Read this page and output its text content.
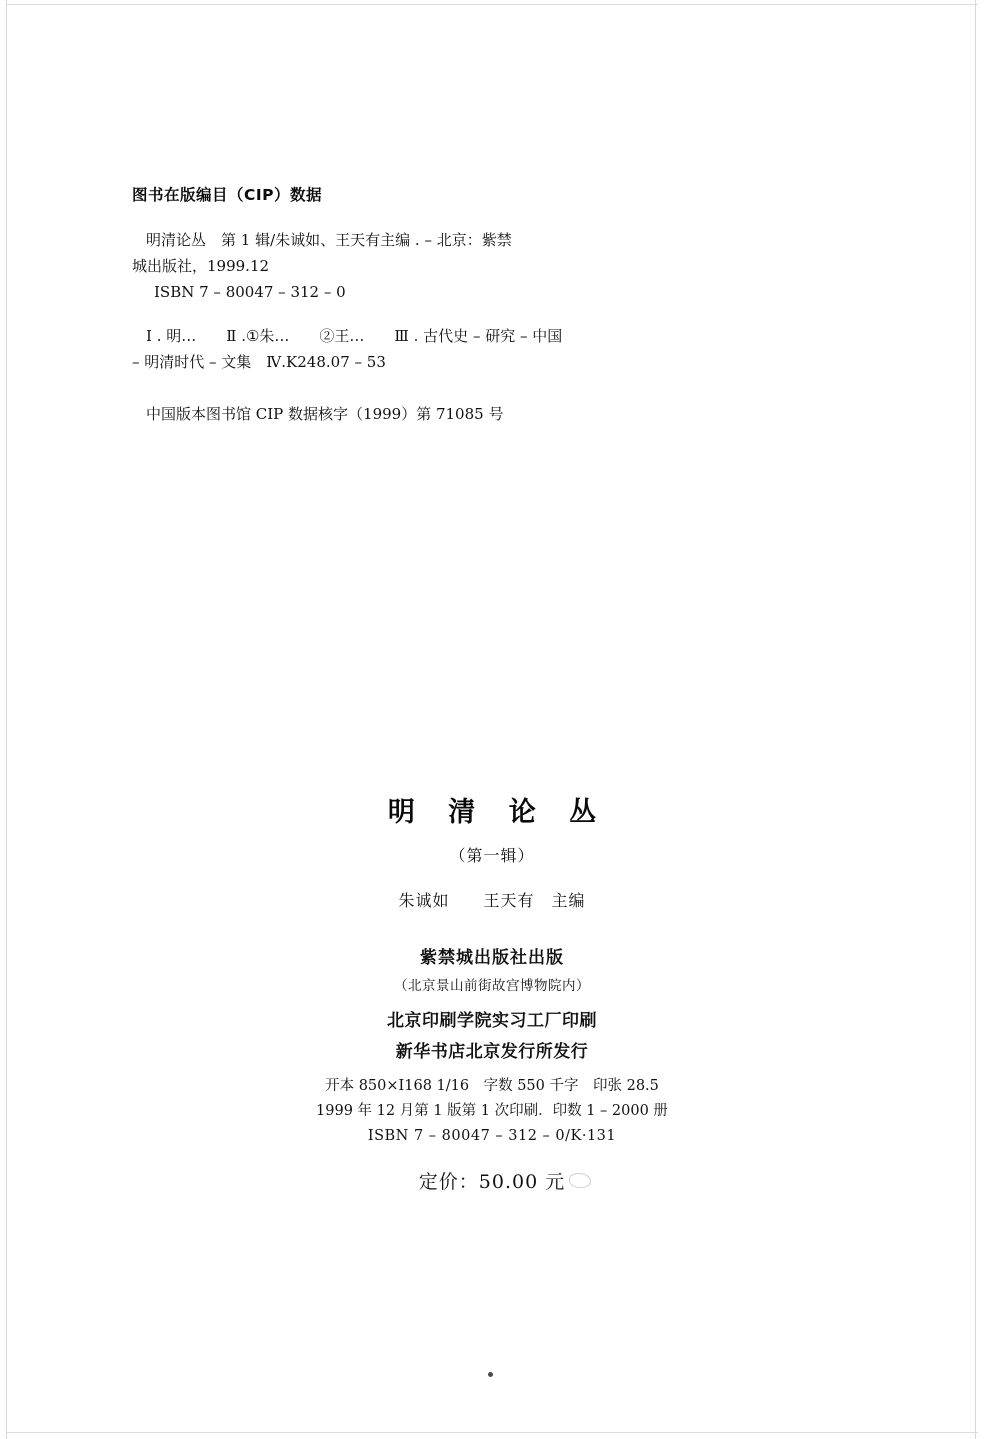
图书在版编目（CIP）数据
明清论丛　第 1 辑/朱诚如、王天有主编 . – 北京：紫禁
城出版社，1999.12
ISBN 7 – 80047 – 312 – 0
Ⅰ . 明…　　Ⅱ .①朱…　　②王…　　Ⅲ . 古代史 – 研究 – 中国
– 明清时代 – 文集　Ⅳ.K248.07 – 53
中国版本图书馆 CIP 数据核字（1999）第 71085 号
明 清 论 丛
（第一辑）
朱诚如　　王天有　主编
紫禁城出版社出版
（北京景山前街故宫博物院内）
北京印刷学院实习工厂印刷
新华书店北京发行所发行
开本 850×I168 1/16　字数 550 千字　印张 28.5
1999 年 12 月第 1 版第 1 次印刷．印数 1 – 2000 册
ISBN 7 – 80047 – 312 – 0/K·131
定价：50.00 元
